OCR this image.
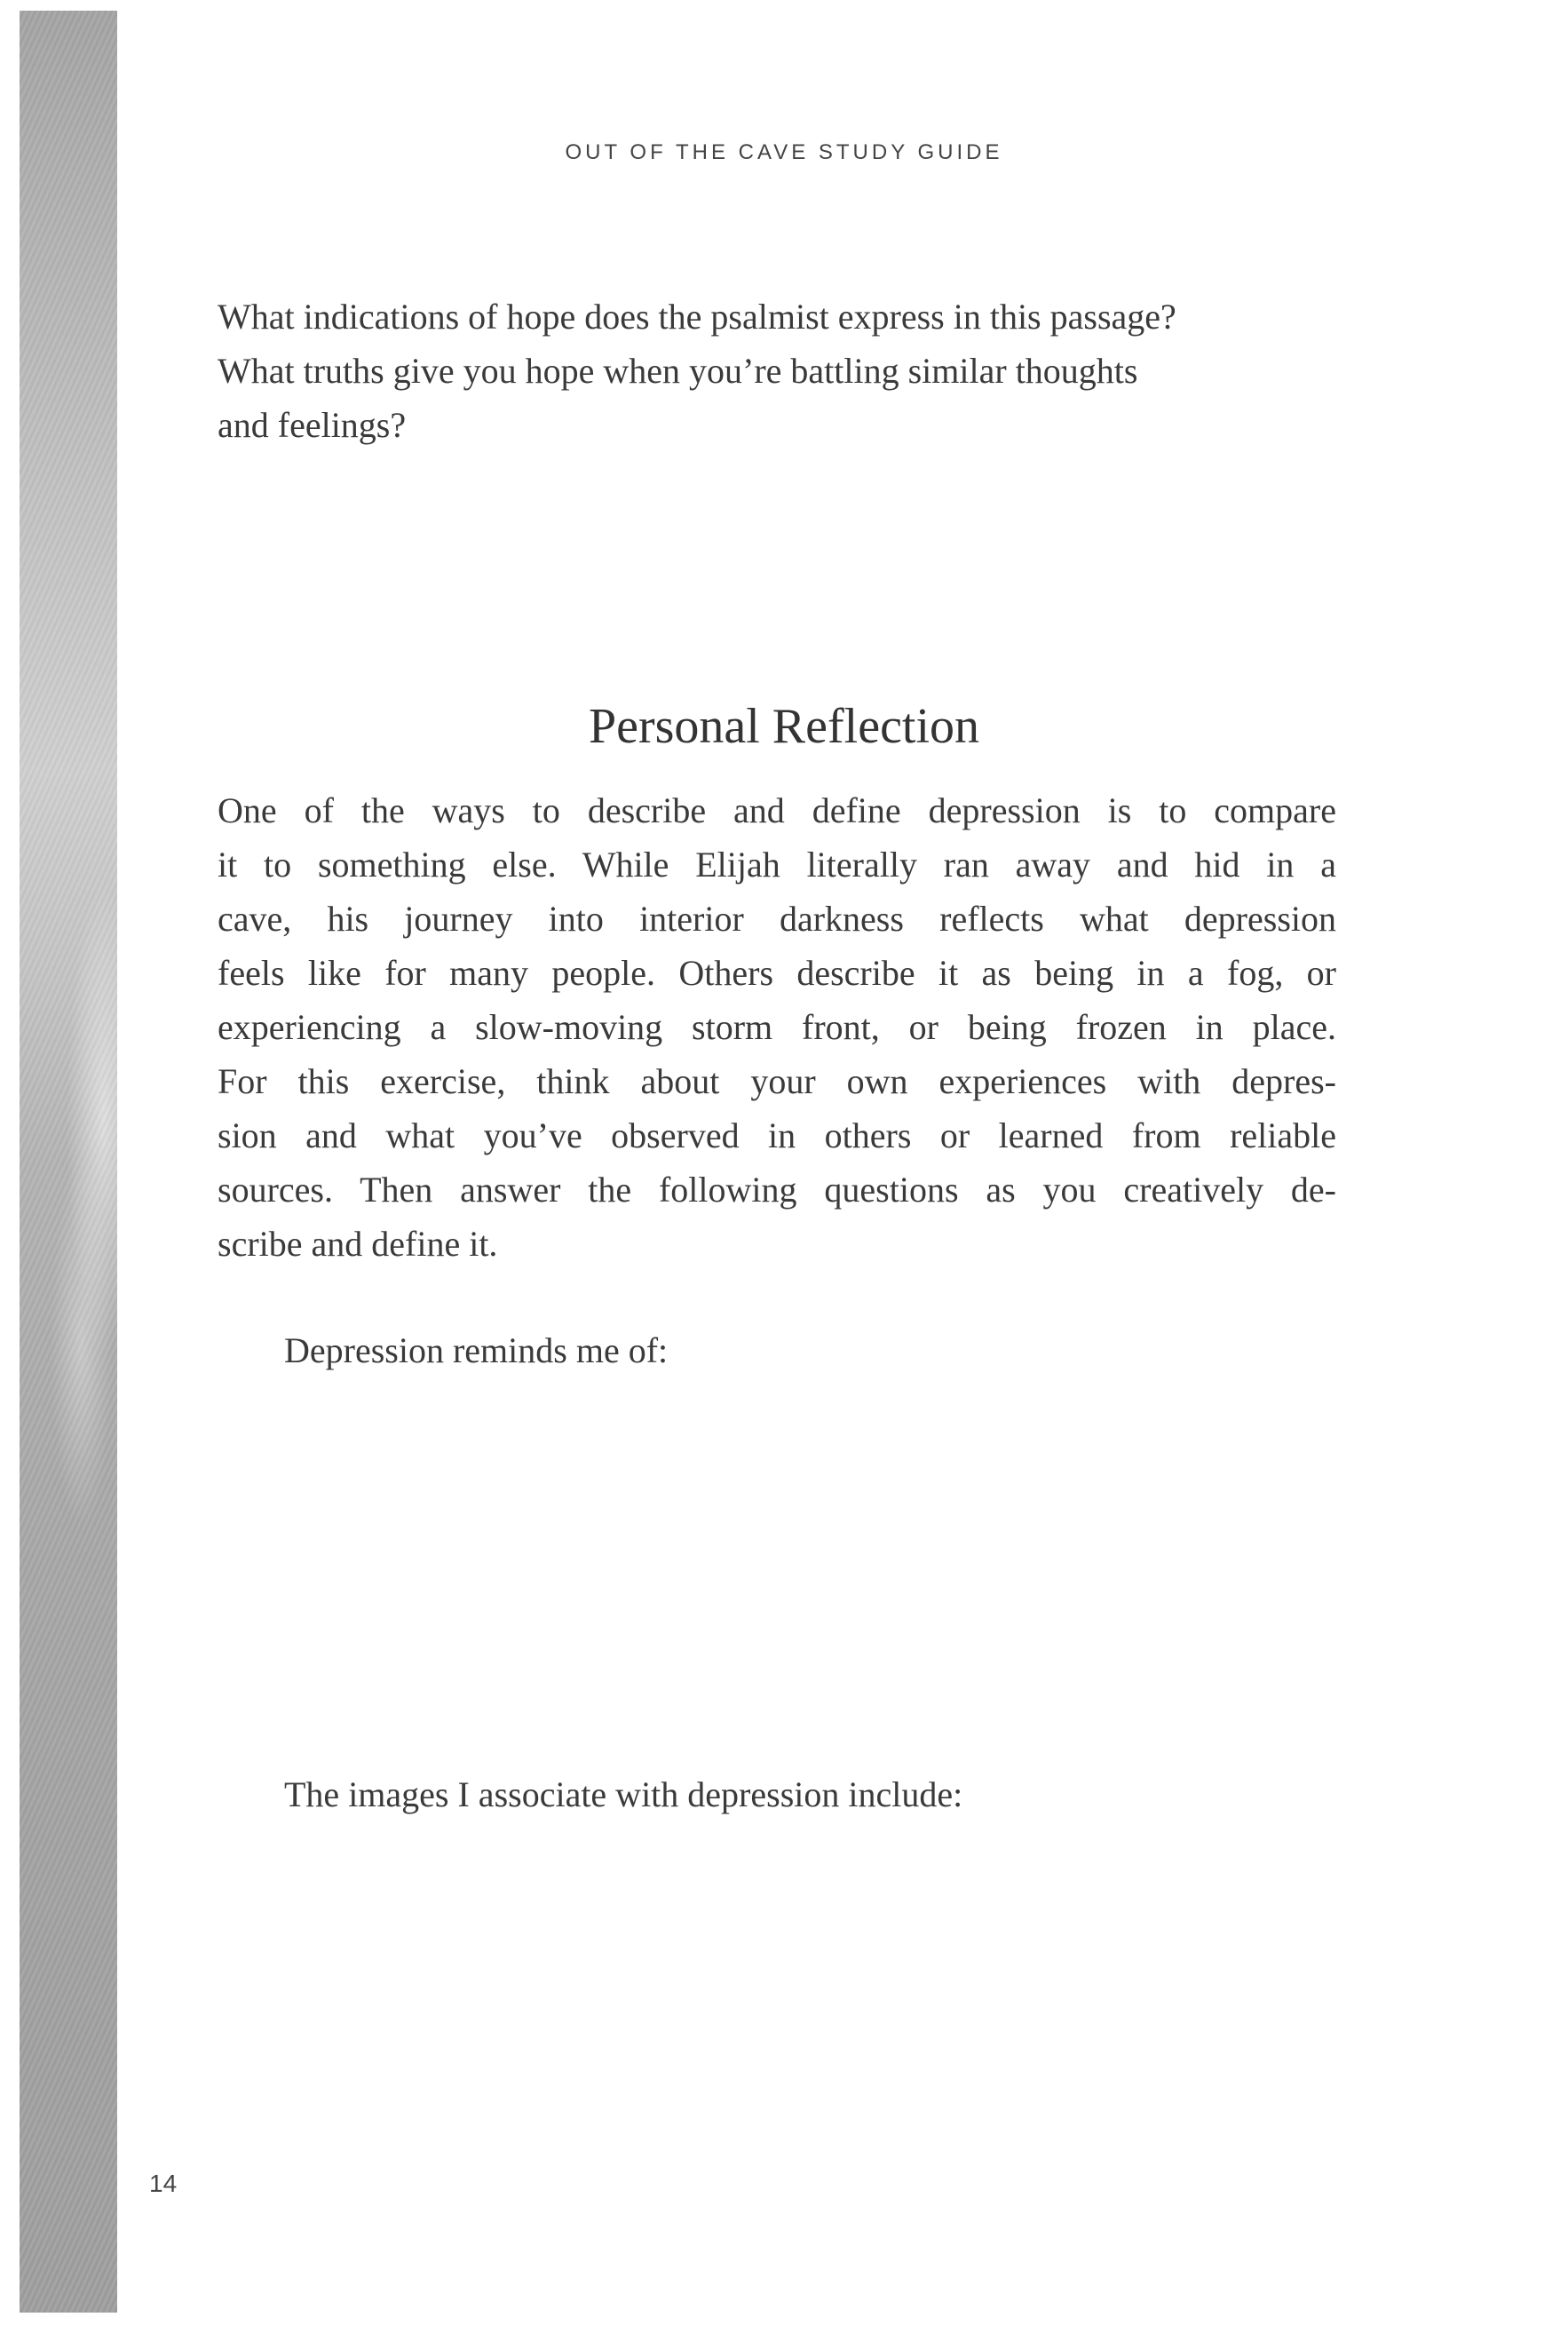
OUT OF THE CAVE STUDY GUIDE
What indications of hope does the psalmist express in this passage?
What truths give you hope when you’re battling similar thoughts
and feelings?
Personal Reflection
One of the ways to describe and define depression is to compare
it to something else. While Elijah literally ran away and hid in a
cave, his journey into interior darkness reflects what depression
feels like for many people. Others describe it as being in a fog, or
experiencing a slow-moving storm front, or being frozen in place.
For this exercise, think about your own experiences with depres-
sion and what you’ve observed in others or learned from reliable
sources. Then answer the following questions as you creatively de-
scribe and define it.
Depression reminds me of:
The images I associate with depression include:
14
